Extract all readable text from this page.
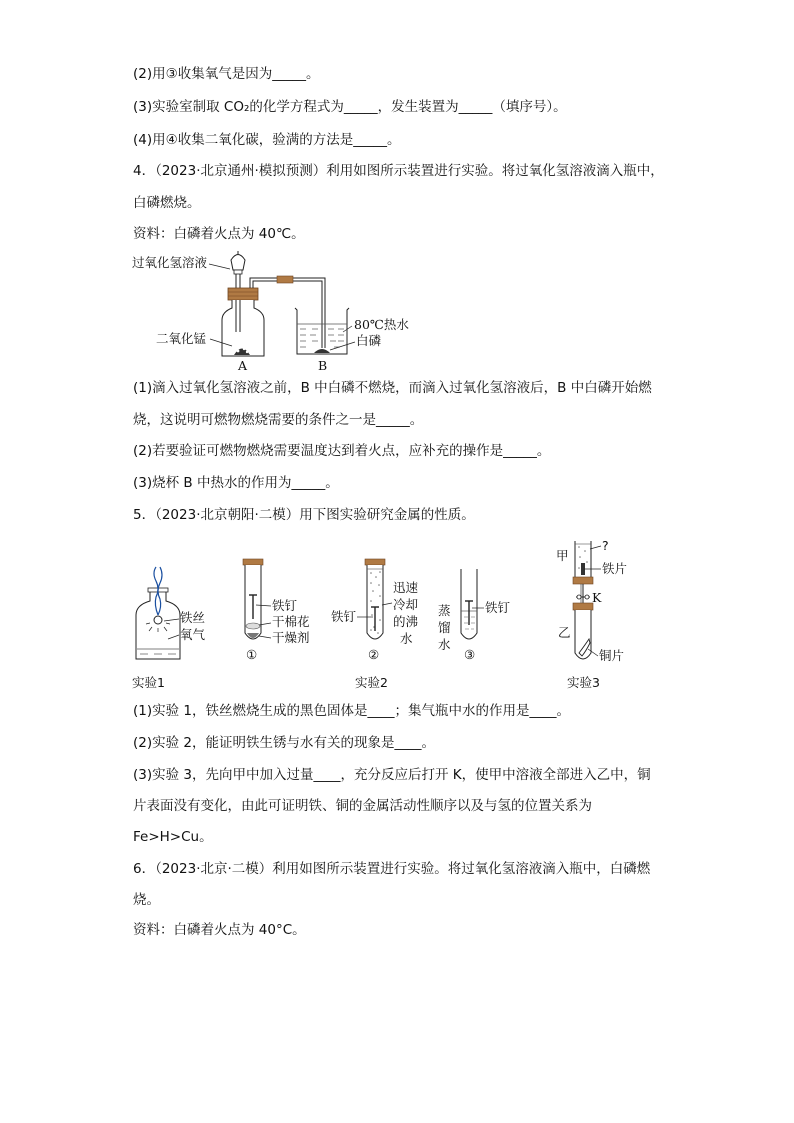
(2)用③收集氧气是因为_____。
(3)实验室制取 CO₂的化学方程式为_____，发生装置为_____（填序号）。
(4)用④收集二氧化碳，验满的方法是_____。
4．（2023·北京通州·模拟预测）利用如图所示装置进行实验。将过氧化氢溶液滴入瓶中，
白磷燃烧。
资料：白磷着火点为 40℃。
过氧化氢溶液
二氧化锰
80℃热水
白磷
A	B
(1)滴入过氧化氢溶液之前，B 中白磷不燃烧，而滴入过氧化氢溶液后，B 中白磷开始燃
烧，这说明可燃物燃烧需要的条件之一是_____。
(2)若要验证可燃物燃烧需要温度达到着火点，应补充的操作是_____。
(3)烧杯 B 中热水的作用为_____。
5．（2023·北京朝阳·二模）用下图实验研究金属的性质。
铁丝
氧气
实验1
铁钉
干棉花
干燥剂
①
铁钉
迅速
冷却
的沸
水
②
实验2
蒸
馏
水
铁钉
③
甲
?
铁片
K
乙
铜片
实验3
(1)实验 1，铁丝燃烧生成的黑色固体是____；集气瓶中水的作用是____。
(2)实验 2，能证明铁生锈与水有关的现象是____。
(3)实验 3，先向甲中加入过量____，充分反应后打开 K，使甲中溶液全部进入乙中，铜
片表面没有变化，由此可证明铁、铜的金属活动性顺序以及与氢的位置关系为
Fe>H>Cu。
6．（2023·北京·二模）利用如图所示装置进行实验。将过氧化氢溶液滴入瓶中，白磷燃
烧。
资料：白磷着火点为 40°C。
